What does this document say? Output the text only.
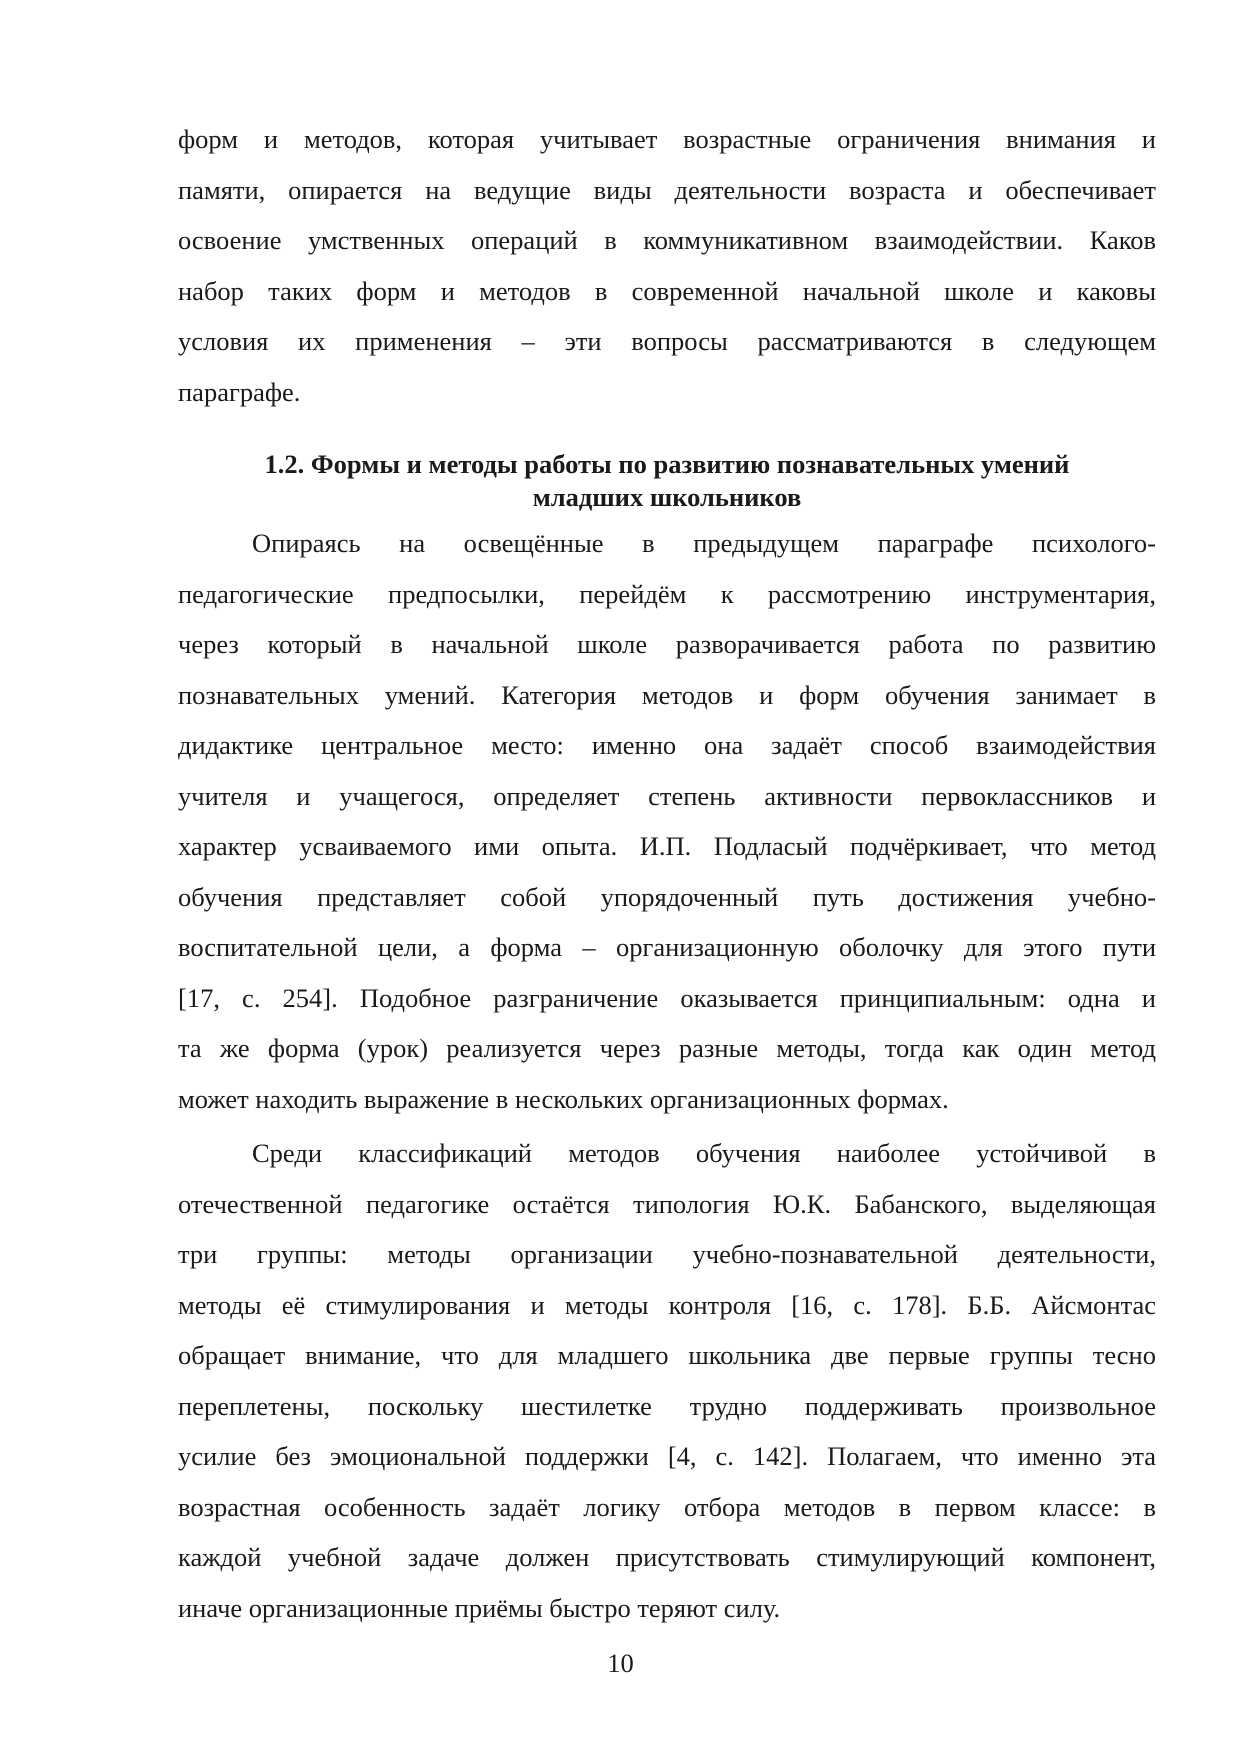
форм и методов, которая учитывает возрастные ограничения внимания и
памяти, опирается на ведущие виды деятельности возраста и обеспечивает
освоение умственных операций в коммуникативном взаимодействии. Каков
набор таких форм и методов в современной начальной школе и каковы
условия их применения – эти вопросы рассматриваются в следующем
параграфе.
1.2. Формы и методы работы по развитию познавательных умений
младших школьников
Опираясь на освещённые в предыдущем параграфе психолого-
педагогические предпосылки, перейдём к рассмотрению инструментария,
через который в начальной школе разворачивается работа по развитию
познавательных умений. Категория методов и форм обучения занимает в
дидактике центральное место: именно она задаёт способ взаимодействия
учителя и учащегося, определяет степень активности первоклассников и
характер усваиваемого ими опыта. И.П. Подласый подчёркивает, что метод
обучения представляет собой упорядоченный путь достижения учебно-
воспитательной цели, а форма – организационную оболочку для этого пути
[17, с. 254]. Подобное разграничение оказывается принципиальным: одна и
та же форма (урок) реализуется через разные методы, тогда как один метод
может находить выражение в нескольких организационных формах.
Среди классификаций методов обучения наиболее устойчивой в
отечественной педагогике остаётся типология Ю.К. Бабанского, выделяющая
три группы: методы организации учебно-познавательной деятельности,
методы её стимулирования и методы контроля [16, с. 178]. Б.Б. Айсмонтас
обращает внимание, что для младшего школьника две первые группы тесно
переплетены, поскольку шестилетке трудно поддерживать произвольное
усилие без эмоциональной поддержки [4, с. 142]. Полагаем, что именно эта
возрастная особенность задаёт логику отбора методов в первом классе: в
каждой учебной задаче должен присутствовать стимулирующий компонент,
иначе организационные приёмы быстро теряют силу.
10
